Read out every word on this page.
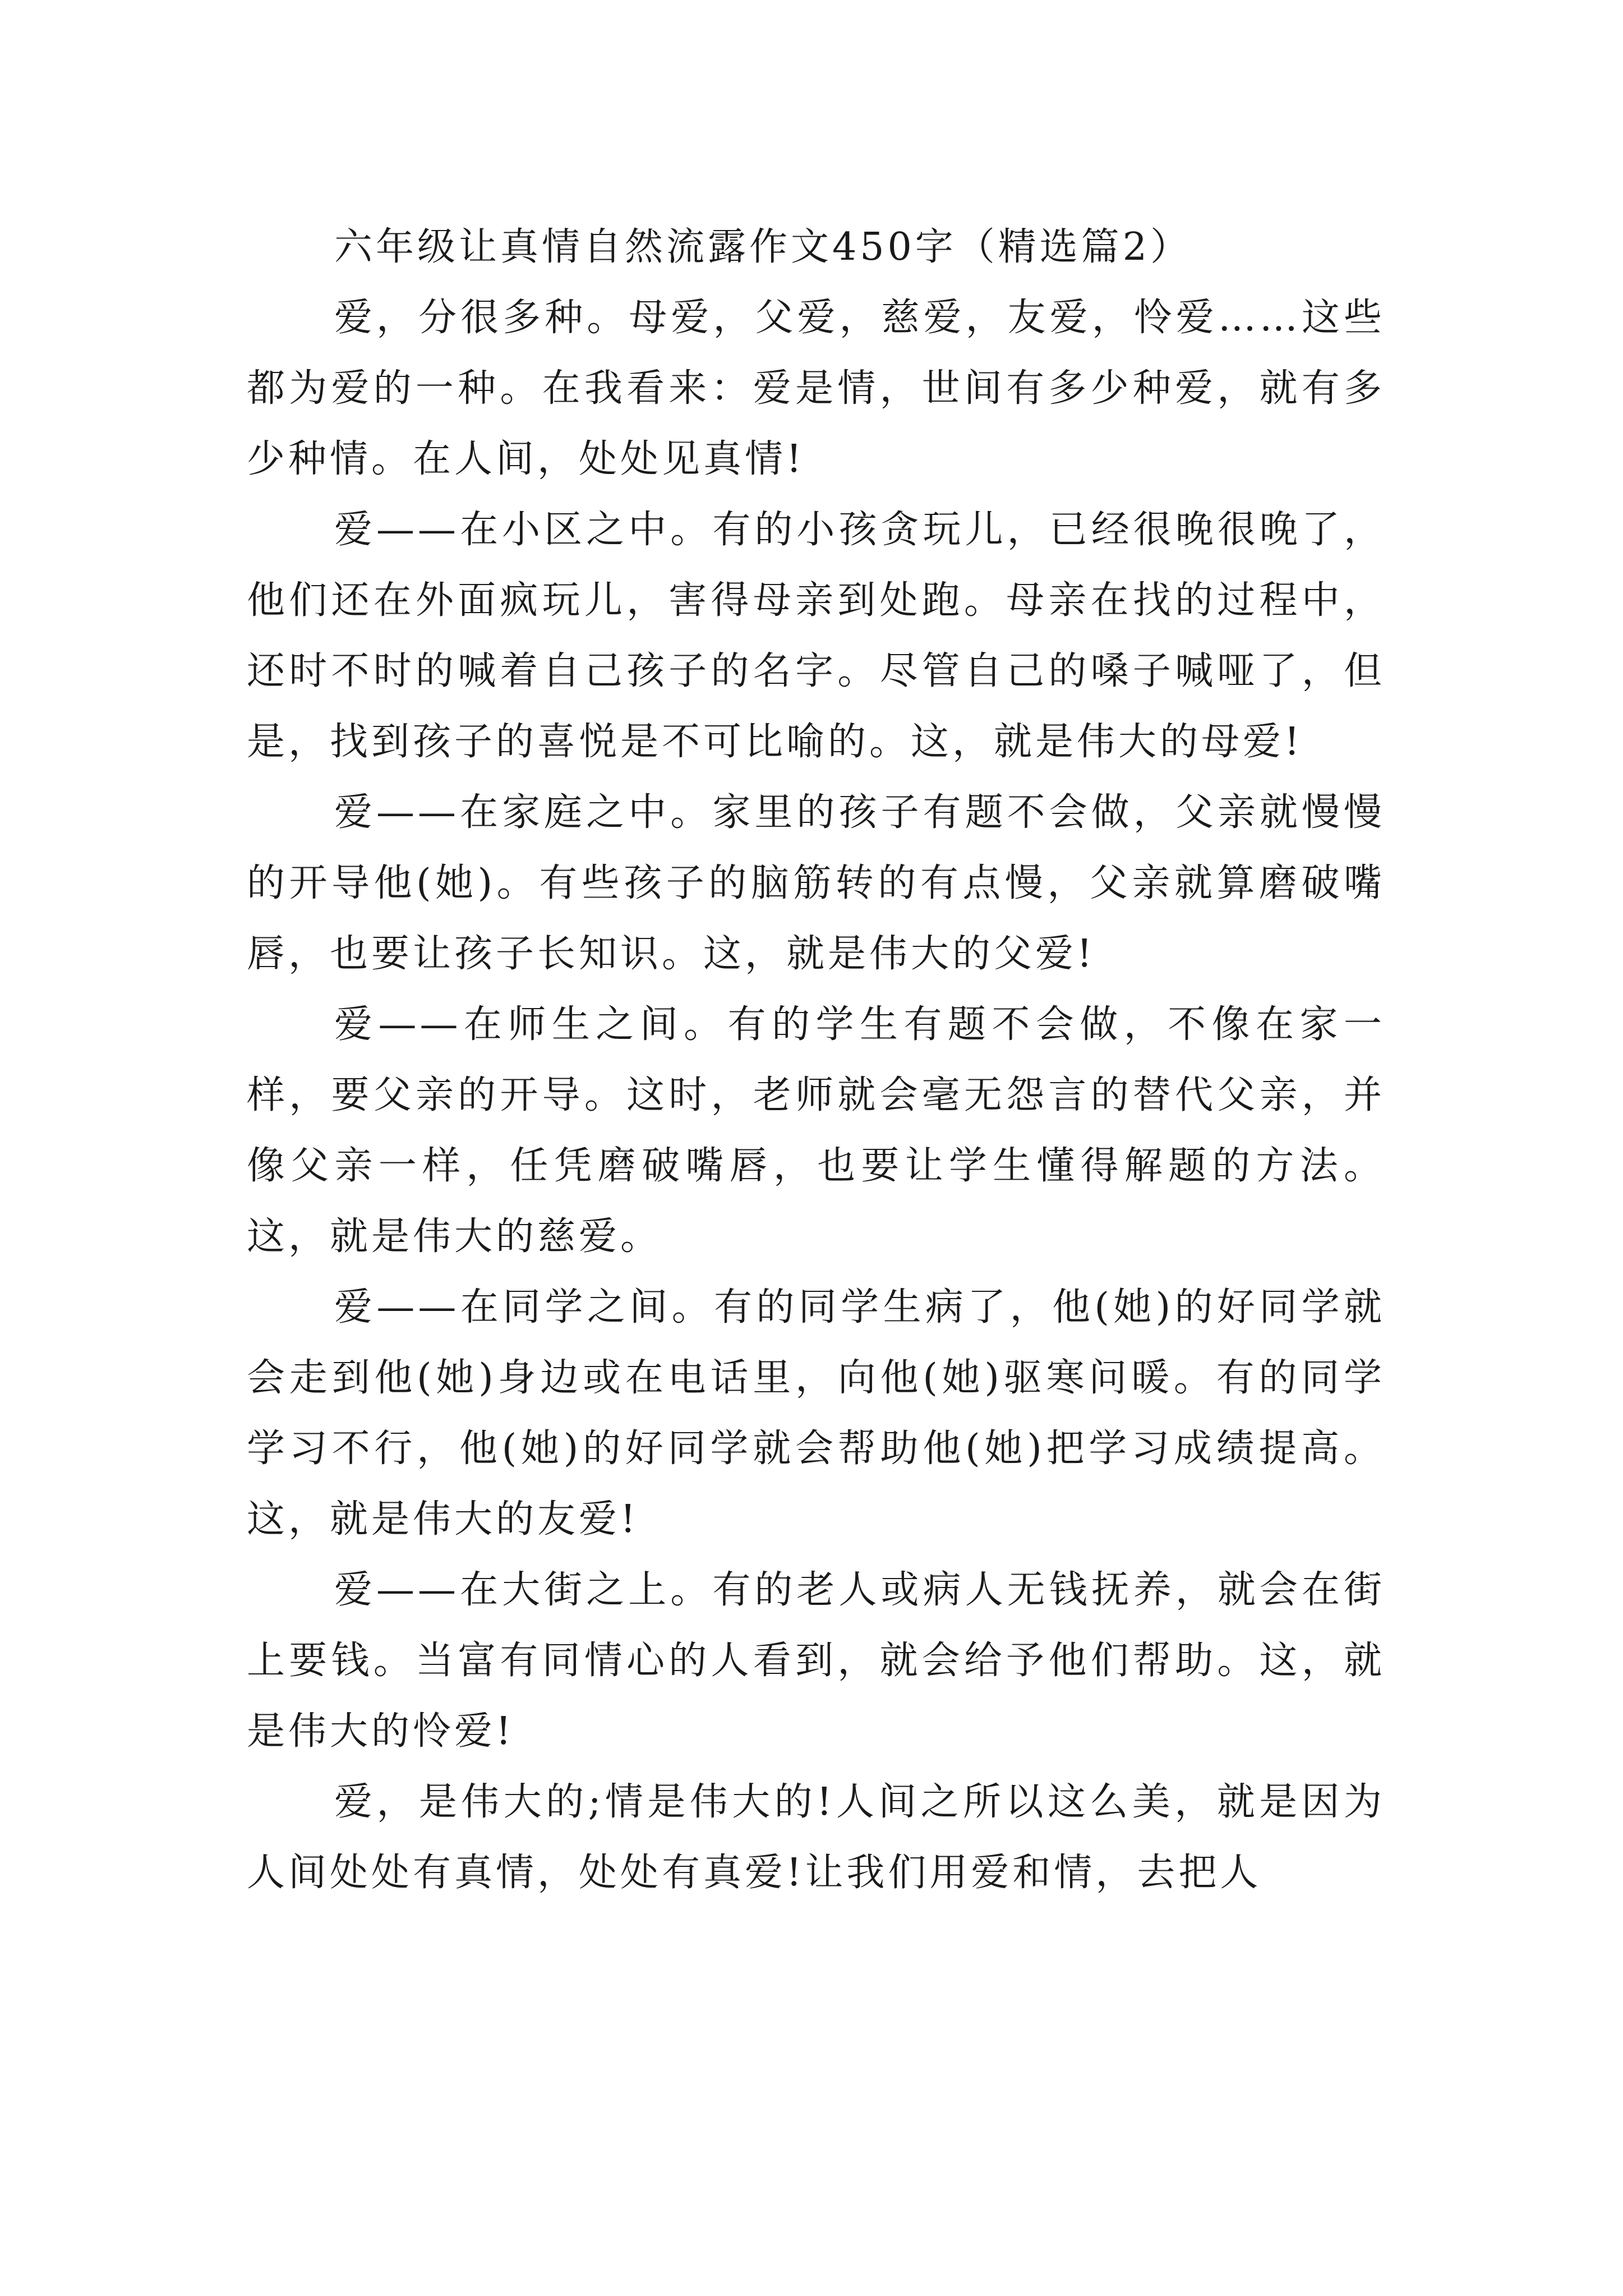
六年级让真情自然流露作文450字（精选篇2）

爱，分很多种。母爱，父爱，慈爱，友爱，怜爱……这些都为爱的一种。在我看来：爱是情，世间有多少种爱，就有多少种情。在人间，处处见真情!

爱——在小区之中。有的小孩贪玩儿，已经很晚很晚了，他们还在外面疯玩儿，害得母亲到处跑。母亲在找的过程中，还时不时的喊着自己孩子的名字。尽管自己的嗓子喊哑了，但是，找到孩子的喜悦是不可比喻的。这，就是伟大的母爱!

爱——在家庭之中。家里的孩子有题不会做，父亲就慢慢的开导他(她)。有些孩子的脑筋转的有点慢，父亲就算磨破嘴唇，也要让孩子长知识。这，就是伟大的父爱!

爱——在师生之间。有的学生有题不会做，不像在家一样，要父亲的开导。这时，老师就会毫无怨言的替代父亲，并像父亲一样，任凭磨破嘴唇，也要让学生懂得解题的方法。这，就是伟大的慈爱。

爱——在同学之间。有的同学生病了，他(她)的好同学就会走到他(她)身边或在电话里，向他(她)驱寒问暖。有的同学学习不行，他(她)的好同学就会帮助他(她)把学习成绩提高。这，就是伟大的友爱!

爱——在大街之上。有的老人或病人无钱抚养，就会在街上要钱。当富有同情心的人看到，就会给予他们帮助。这，就是伟大的怜爱!

爱，是伟大的;情是伟大的!人间之所以这么美，就是因为人间处处有真情，处处有真爱!让我们用爱和情，去把人
